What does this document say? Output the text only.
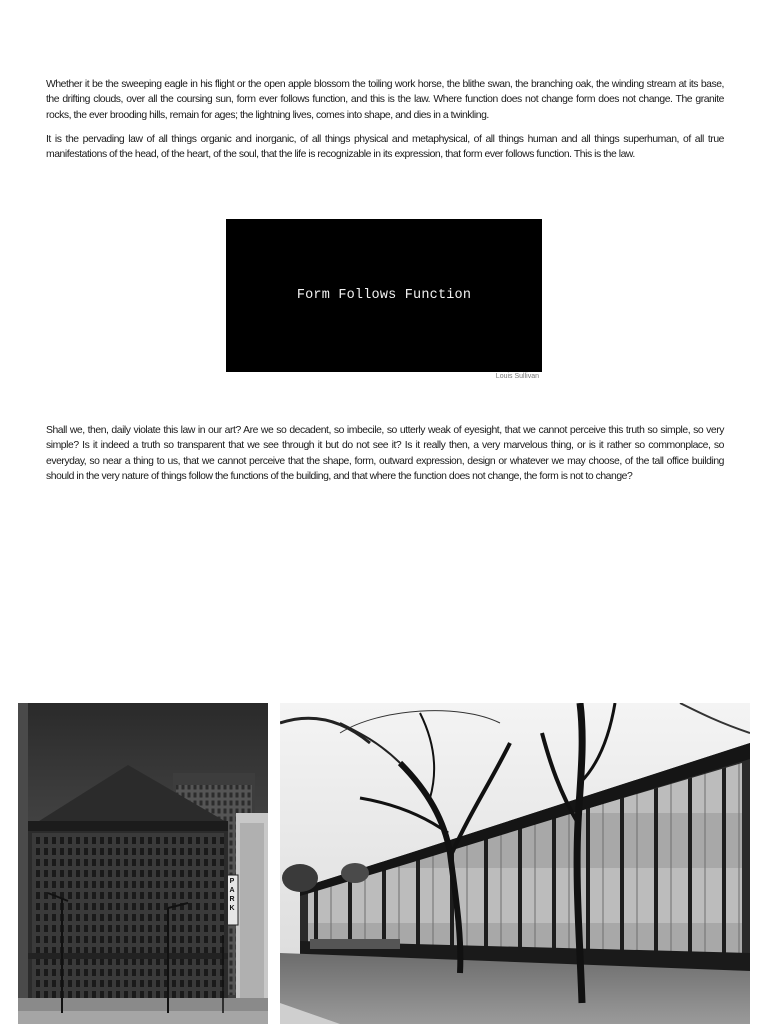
Whether it be the sweeping eagle in his flight or the open apple blossom the toiling work horse, the blithe swan, the branching oak, the winding stream at its base, the drifting clouds, over all the coursing sun, form ever follows function, and this is the law. Where function does not change form does not change. The granite rocks, the ever brooding hills, remain for ages; the lightning lives, comes into shape, and dies in a twinkling.

It is the pervading law of all things organic and inorganic, of all things physical and metaphysical, of all things human and all things superhuman, of all true manifestations of the head, of the heart, of the soul, that the life is recognizable in its expression, that form ever follows function. This is the law.

Form Follows Function
Louis Sullivan

Shall we, then, daily violate this law in our art? Are we so decadent, so imbecile, so utterly weak of eyesight, that we cannot perceive this truth so simple, so very simple? Is it indeed a truth so transparent that we see through it but do not see it? Is it really then, a very marvelous thing, or is it rather so commonplace, so everyday, so near a thing to us, that we cannot perceive that the shape, form, outward expression, design or whatever we may choose, of the tall office building should in the very nature of things follow the functions of the building, and that where the function does not change, the form is not to change?

PARK
